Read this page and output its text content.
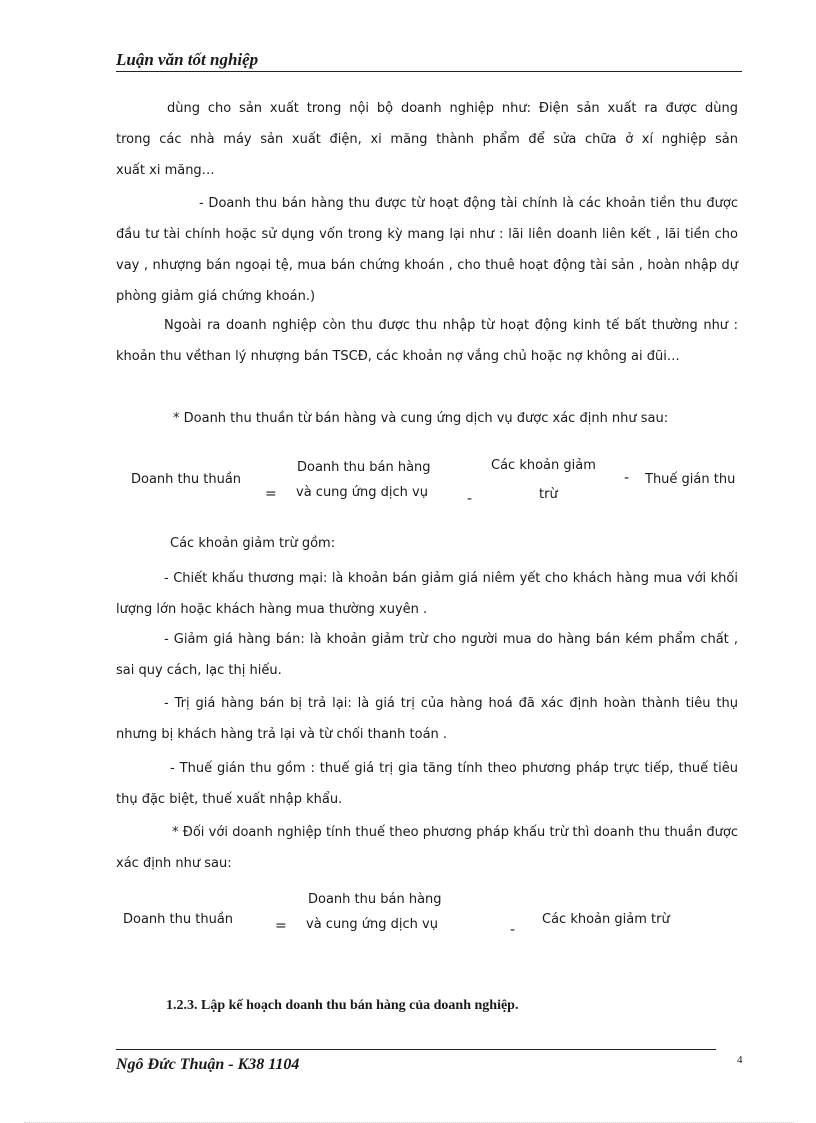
Luận văn tốt nghiệp
dùng cho sản xuất trong nội bộ doanh nghiệp như: Điện sản xuất ra được dùng
trong các nhà máy sản xuất điện, xi măng thành phẩm để sửa chữa ở xí nghiệp sản
xuất xi măng…
- Doanh thu bán hàng thu được từ hoạt động tài chính là các khoản tiền thu được đầu tư tài chính hoặc sử dụng vốn trong kỳ mang lại như : lãi liên doanh liên kết , lãi tiền cho vay , nhượng bán ngoại tệ, mua bán chứng khoán , cho thuê hoạt động tài sản , hoàn nhập dự phòng giảm giá chứng khoán.)
Ngoài ra doanh nghiệp còn thu được thu nhập từ hoạt động kinh tế bất thường như : khoản thu vềthan lý nhượng bán TSCĐ, các khoản nợ vắng chủ hoặc nợ không ai đũi…
* Doanh thu thuần từ bán hàng và cung ứng dịch vụ được xác định như sau:
Doanh thu thuần
=
Doanh thu bán hàng
và cung ứng dịch vụ	-
Các khoản giảm
trừ
- Thuế gián thu
Các khoản giảm trừ gồm:
- Chiết khấu thương mại: là khoản bán giảm giá niêm yết cho khách hàng mua với khối lượng lớn hoặc khách hàng mua thường xuyên .
- Giảm giá hàng bán: là khoản giảm trừ cho người mua do hàng bán kém phẩm chất , sai quy cách, lạc thị hiếu.
- Trị giá hàng bán bị trả lại: là giá trị của hàng hoá đã xác định hoàn thành tiêu thụ nhưng bị khách hàng trả lại và từ chối thanh toán .
- Thuế gián thu gồm : thuế giá trị gia tăng tính theo phương pháp trực tiếp, thuế tiêu thụ đặc biệt, thuế xuất nhập khẩu.
* Đối với doanh nghiệp tính thuế theo phương pháp khấu trừ thì doanh thu thuần được xác định như sau:
Doanh thu thuần	=
Doanh thu bán hàng
và cung ứng dịch vụ	-
Các khoản giảm trừ
1.2.3. Lập kế hoạch doanh thu bán hàng của doanh nghiệp.
Ngô Đức Thuận - K38 1104	4
